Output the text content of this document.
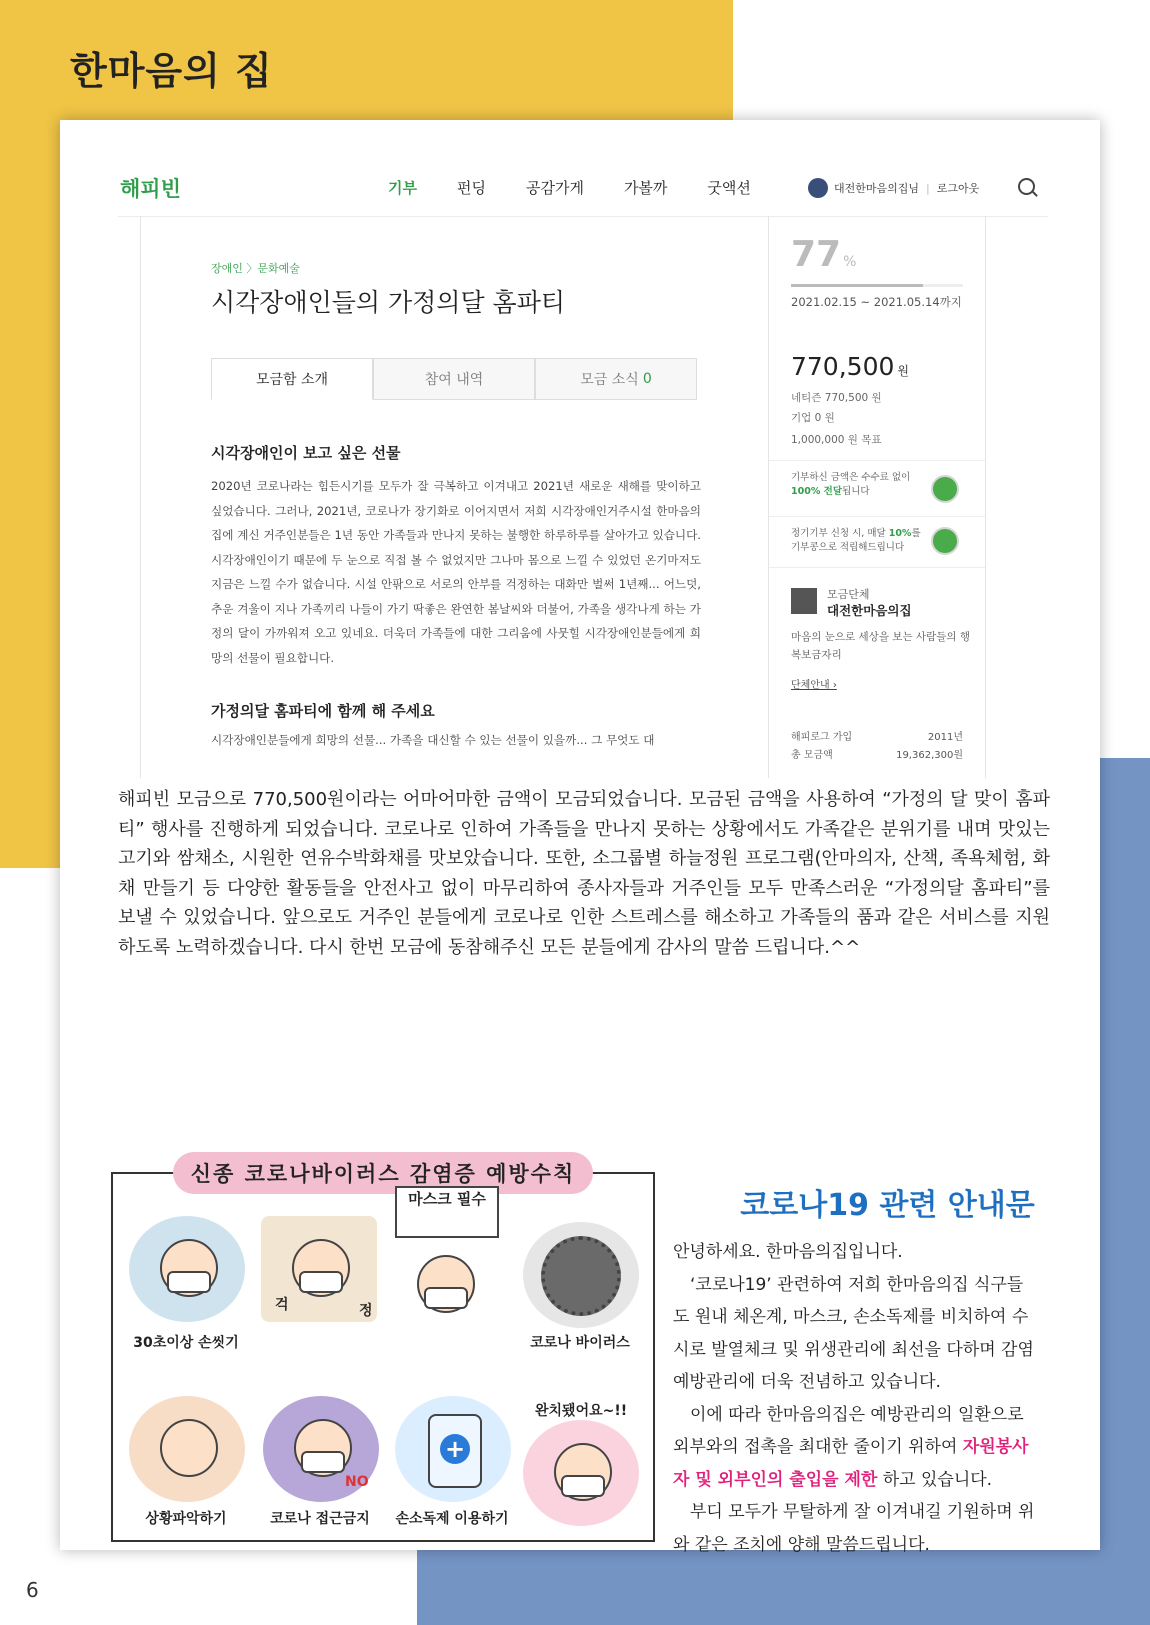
한마음의 집
해피빈	기부	펀딩	공감가게	가볼까	굿액션	대전한마음의집님 | 로그아웃
장애인 〉문화예술
시각장애인들의 가정의달 홈파티
모금함 소개	참여 내역	모금 소식 0
시각장애인이 보고 싶은 선물

2020년 코로나라는 힘든시기를 모두가 잘 극복하고 이겨내고 2021년 새로운 새해를 맞이하고 싶었습니다. 그러나, 2021년, 코로나가 장기화로 이어지면서 저희 시각장애인거주시설 한마음의집에 계신 거주인분들은 1년 동안 가족들과 만나지 못하는 불행한 하루하루를 살아가고 있습니다. 시각장애인이기 때문에 두 눈으로 직접 볼 수 없었지만 그나마 몸으로 느낄 수 있었던 온기마저도 지금은 느낄 수가 없습니다. 시설 안팎으로 서로의 안부를 걱정하는 대화만 벌써 1년째... 어느덧, 추운 겨울이 지나 가족끼리 나들이 가기 딱좋은 완연한 봄날씨와 더불어, 가족을 생각나게 하는 가정의 달이 가까워져 오고 있네요. 더욱더 가족들에 대한 그리움에 사뭇힐 시각장애인분들에게 희망의 선물이 필요합니다.

가정의달 홈파티에 함께 해 주세요

시각장애인분들에게 희망의 선물... 가족을 대신할 수 있는 선물이 있을까... 그 무엇도 대

77 %
2021.02.15 ~ 2021.05.14까지
770,500 원
네티즌 770,500 원
기업 0 원
1,000,000 원 목표
기부하신 금액은 수수료 없이
100% 전달됩니다
정기기부 신청 시, 매달 10%를
기부콩으로 적립해드립니다
모금단체
대전한마음의집
마음의 눈으로 세상을 보는 사람들의 행복보금자리
단체안내 ›
해피로그 가입	2011년
총 모금액	19,362,300원

해피빈 모금으로 770,500원이라는 어마어마한 금액이 모금되었습니다. 모금된 금액을 사용하여 “가정의 달 맞이 홈파티” 행사를 진행하게 되었습니다. 코로나로 인하여 가족들을 만나지 못하는 상황에서도 가족같은 분위기를 내며 맛있는 고기와 쌈채소, 시원한 연유수박화채를 맛보았습니다. 또한, 소그룹별 하늘정원 프로그램(안마의자, 산책, 족욕체험, 화채 만들기 등 다양한 활동들을 안전사고 없이 마무리하여 종사자들과 거주인들 모두 만족스러운 “가정의달 홈파티”를 보낼 수 있었습니다. 앞으로도 거주인 분들에게 코로나로 인한 스트레스를 해소하고 가족들의 품과 같은 서비스를 지원하도록 노력하겠습니다. 다시 한번 모금에 동참해주신 모든 분들에게 감사의 말씀 드립니다.^^

신종 코로나바이러스 감염증 예방수칙
30초이상 손씻기
걱	정
마스크 필수
코로나 바이러스
상황파악하기
NO
코로나 접근금지
+
손소독제 이용하기
완치됐어요~!!
코로나19 관련 안내문

안녕하세요. 한마음의집입니다.

‘코로나19’ 관련하여 저희 한마음의집 식구들도 원내 체온계, 마스크, 손소독제를 비치하여 수시로 발열체크 및 위생관리에 최선을 다하며 감염 예방관리에 더욱 전념하고 있습니다.

이에 따라 한마음의집은 예방관리의 일환으로 외부와의 접촉을 최대한 줄이기 위하여 자원봉사자 및 외부인의 출입을 제한 하고 있습니다.

부디 모두가 무탈하게 잘 이겨내길 기원하며 위와 같은 조치에 양해 말씀드립니다.

6
